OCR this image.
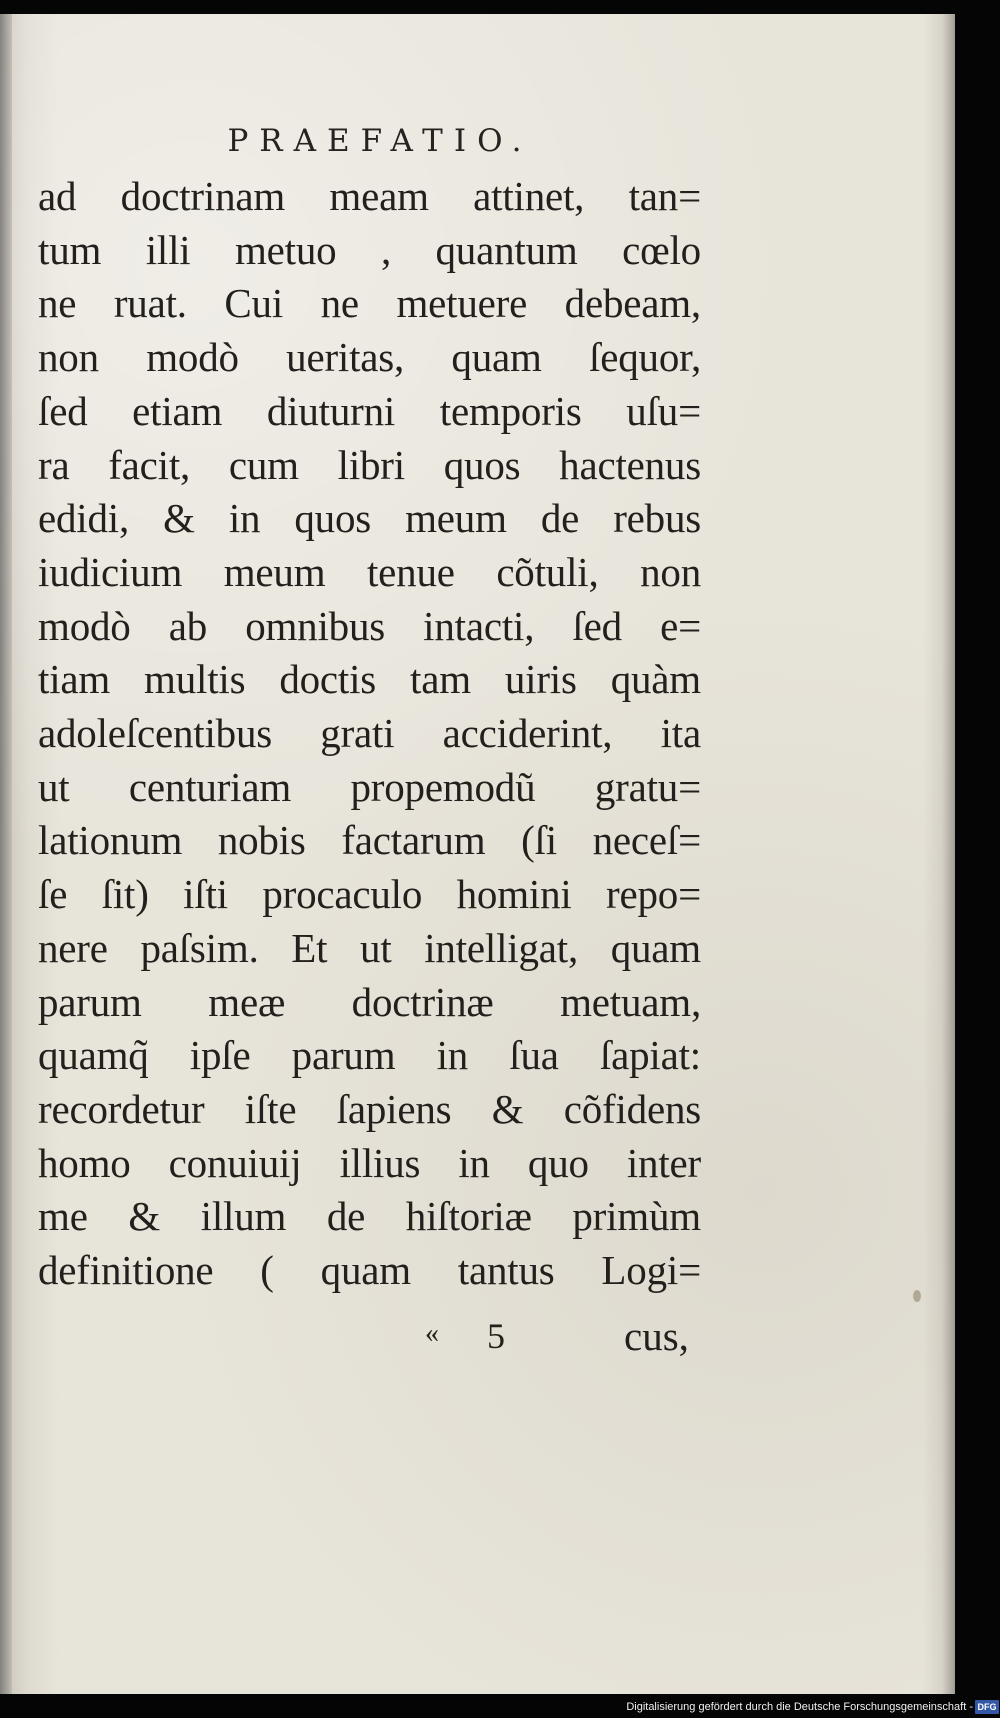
PRAEFATIO.
ad doctrinam meam attinet, tan=
tum illi metuo , quantum cœlo
ne ruat. Cui ne metuere debeam,
non modò ueritas, quam ſequor,
ſed etiam diuturni temporis uſu=
ra facit, cum libri quos hactenus
edidi, & in quos meum de rebus
iudicium meum tenue cõtuli, non
modò ab omnibus intacti, ſed e=
tiam multis doctis tam uiris quàm
adoleſcentibus grati acciderint, ita
ut centuriam propemodũ gratu=
lationum nobis factarum (ſi neceſ=
ſe ſit) iſti procaculo homini repo=
nere paſsim. Et ut intelligat, quam
parum meæ doctrinæ metuam,
quamq̃ ipſe parum in ſua ſapiat:
recordetur iſte ſapiens & cõfidens
homo conuiuij illius in quo inter
me & illum de hiſtoriæ primùm
definitione ( quam tantus Logi=
« 5	cus,
Digitalisierung gefördert durch die Deutsche Forschungsgemeinschaft - DFG
